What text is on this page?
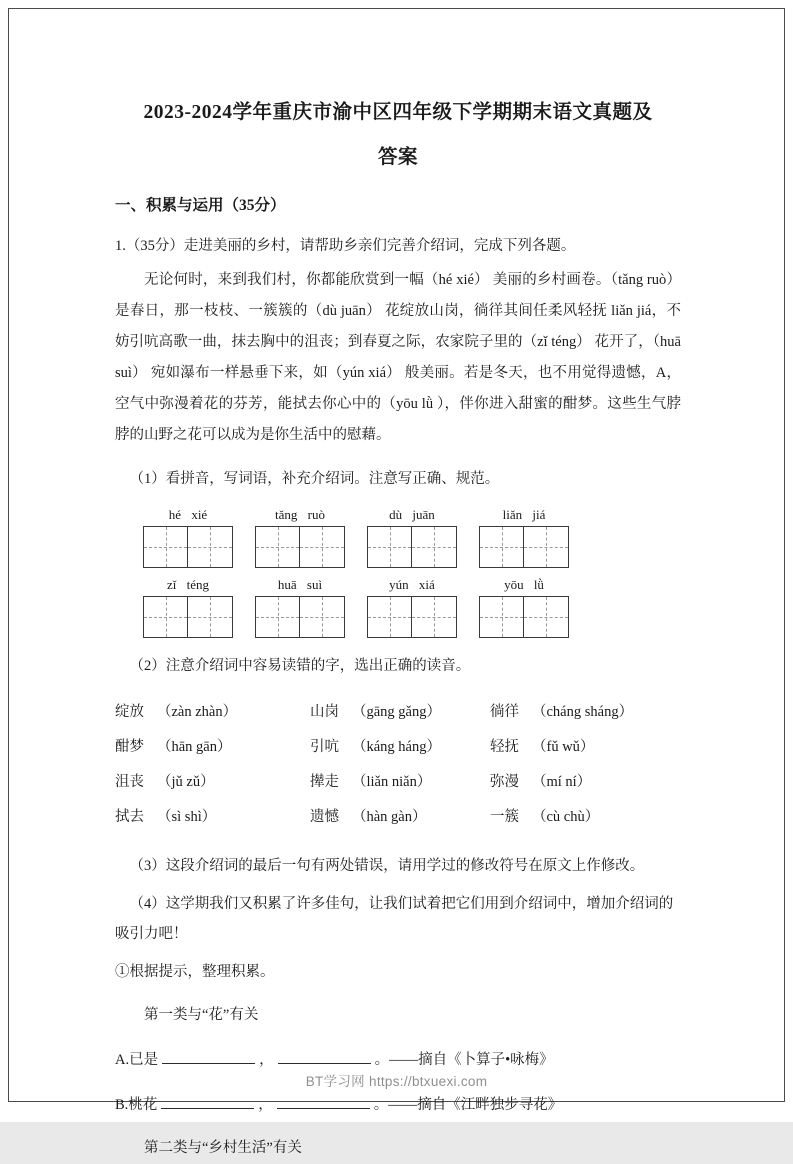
2023-2024学年重庆市渝中区四年级下学期期末语文真题及
答案
一、积累与运用（35分）
1.（35分）走进美丽的乡村，请帮助乡亲们完善介绍词，完成下列各题。

无论何时，来到我们村，你都能欣赏到一幅（hé xié） 美丽的乡村画卷。（tǎng ruò） 是春日，那一枝枝、一簇簇的（dù juān） 花绽放山岗，徜徉其间任柔风轻抚 liǎn jiá，不妨引吭高歌一曲，抹去胸中的沮丧；到春夏之际，农家院子里的（zǐ téng） 花开了，（huā suì） 宛如瀑布一样悬垂下来，如（yún xiá） 般美丽。若是冬天，也不用觉得遗憾，A，空气中弥漫着花的芬芳，能拭去你心中的（yōu lǜ ），伴你进入甜蜜的酣梦。这些生气脖脖的山野之花可以成为是你生活中的慰藉。

（1）看拼音，写词语，补充介绍词。注意写正确、规范。
hé xié	tǎng ruò	dù juān	liǎn jiá
zǐ téng	huā suì	yún xiá	yōu lǜ
（2）注意介绍词中容易读错的字，选出正确的读音。
绽放 （zàn zhàn）	山岗 （gāng gǎng）	徜徉 （cháng sháng）
酣梦 （hān gān）	引吭 （káng háng）	轻抚 （fǔ wǔ）
沮丧 （jǔ zǔ）	撵走 （liǎn niǎn）	弥漫 （mí ní）
拭去 （sì shì）	遗憾 （hàn gàn）	一簇 （cù chù）
（3）这段介绍词的最后一句有两处错误，请用学过的修改符号在原文上作修改。
（4）这学期我们又积累了许多佳句，让我们试着把它们用到介绍词中，增加介绍词的吸引力吧！
①根据提示，整理积累。
第一类与“花”有关
A.已是	，	。——摘自《卜算子•咏梅》
B.桃花	，	。——摘自《江畔独步寻花》
第二类与“乡村生活”有关
BT学习网 https://btxuexi.com
